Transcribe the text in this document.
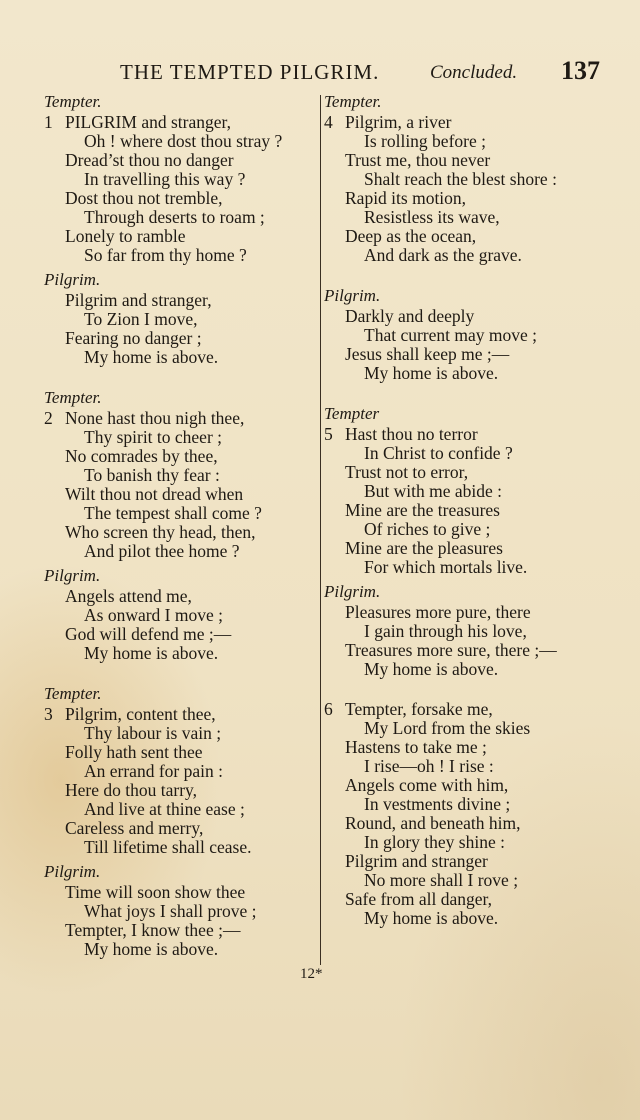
THE TEMPTED PILGRIM.	Concluded. 137
Tempter.
1 PILGRIM and stranger,
Oh ! where dost thou stray ?
Dread’st thou no danger
In travelling this way ?
Dost thou not tremble,
Through deserts to roam ;
Lonely to ramble
So far from thy home ?
Pilgrim.
Pilgrim and stranger,
To Zion I move,
Fearing no danger ;
My home is above.
Tempter.
2 None hast thou nigh thee,
Thy spirit to cheer ;
No comrades by thee,
To banish thy fear :
Wilt thou not dread when
The tempest shall come ?
Who screen thy head, then,
And pilot thee home ?
Pilgrim.
Angels attend me,
As onward I move ;
God will defend me ;—
My home is above.
Tempter.
3 Pilgrim, content thee,
Thy labour is vain ;
Folly hath sent thee
An errand for pain :
Here do thou tarry,
And live at thine ease ;
Careless and merry,
Till lifetime shall cease.
Pilgrim.
Time will soon show thee
What joys I shall prove ;
Tempter, I know thee ;—
My home is above.
Tempter.
4 Pilgrim, a river
Is rolling before ;
Trust me, thou never
Shalt reach the blest shore :
Rapid its motion,
Resistless its wave,
Deep as the ocean,
And dark as the grave.
Pilgrim.
Darkly and deeply
That current may move ;
Jesus shall keep me ;—
My home is above.
Tempter
5 Hast thou no terror
In Christ to confide ?
Trust not to error,
But with me abide :
Mine are the treasures
Of riches to give ;
Mine are the pleasures
For which mortals live.
Pilgrim.
Pleasures more pure, there
I gain through his love,
Treasures more sure, there ;—
My home is above.
6 Tempter, forsake me,
My Lord from the skies
Hastens to take me ;
I rise—oh ! I rise :
Angels come with him,
In vestments divine ;
Round, and beneath him,
In glory they shine :
Pilgrim and stranger
No more shall I rove ;
Safe from all danger,
My home is above.
12*
